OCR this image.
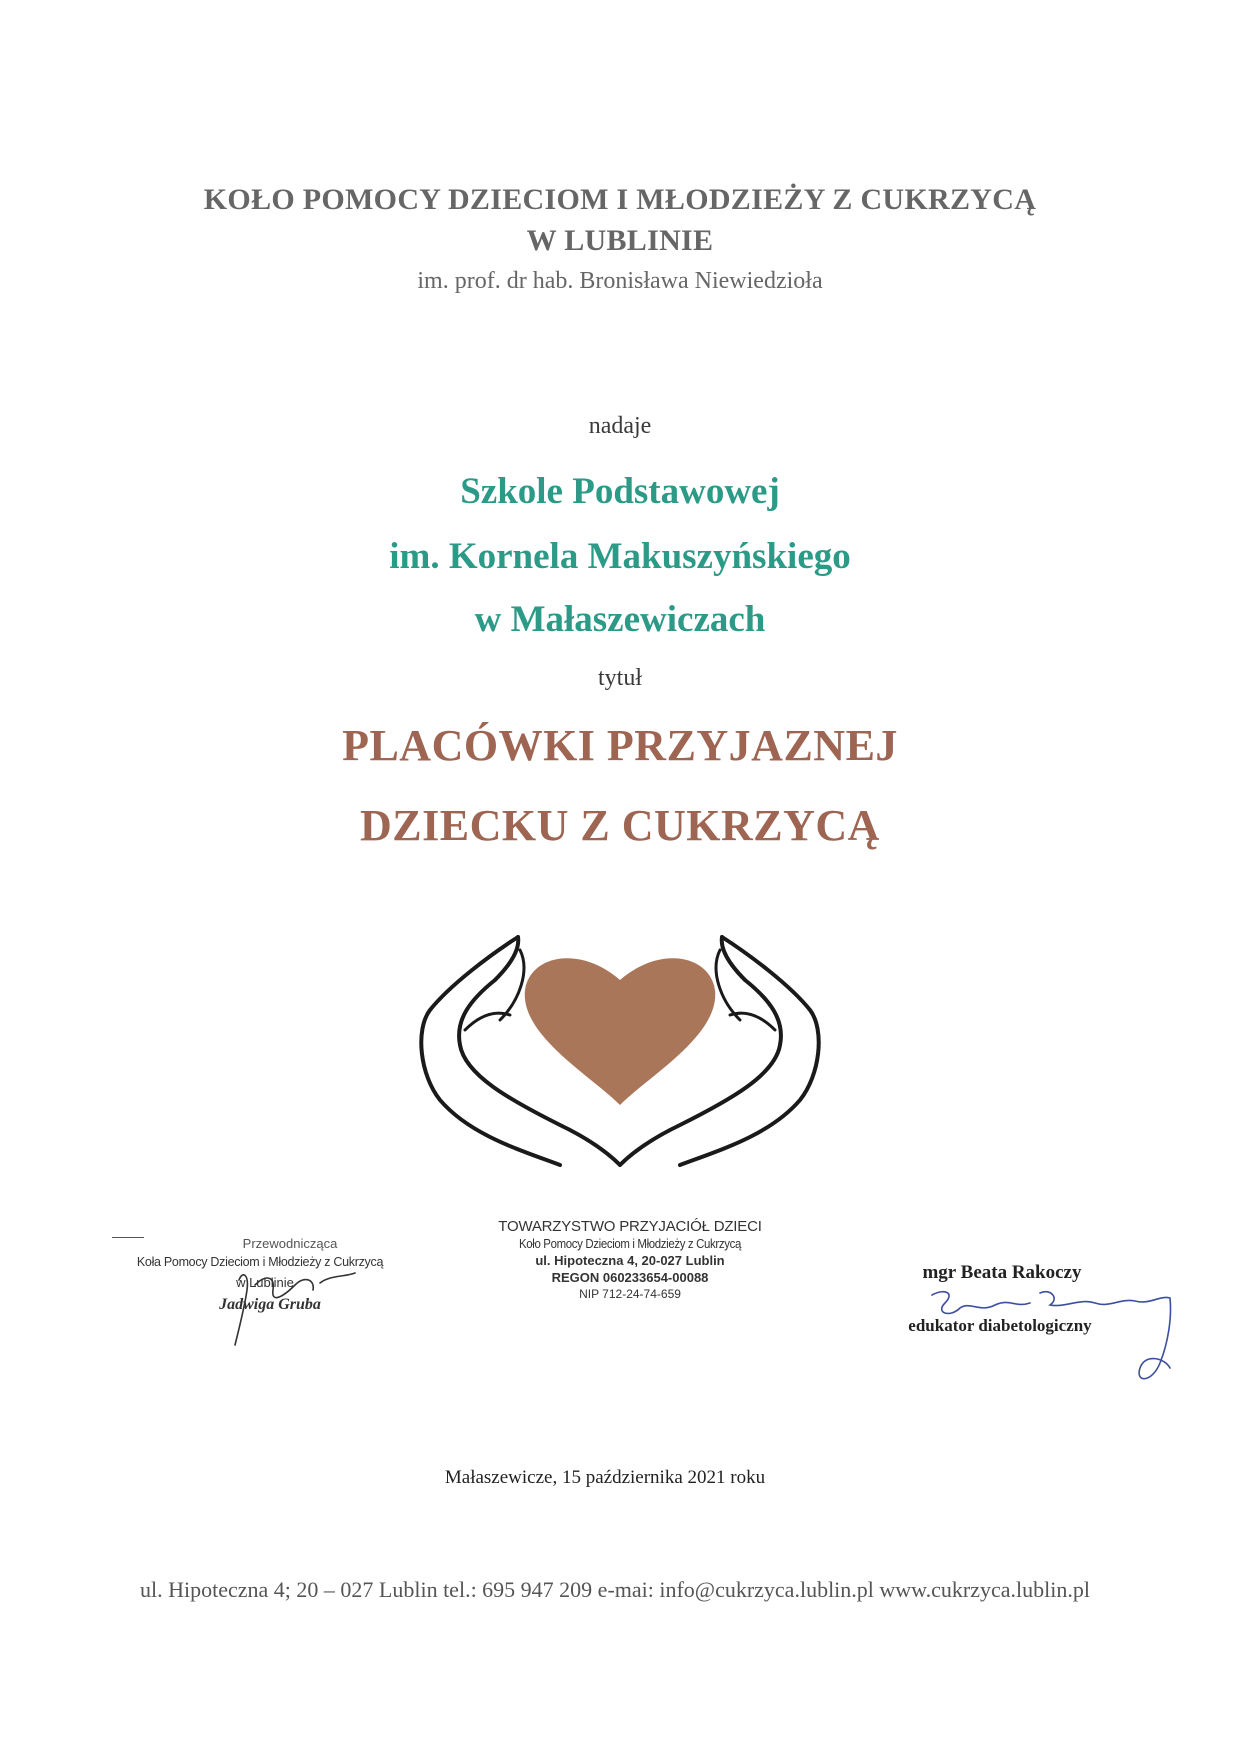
KOŁO POMOCY DZIECIOM I MŁODZIEŻY Z CUKRZYCĄ
W LUBLINIE
im. prof. dr hab. Bronisława Niewiedzioła
nadaje
Szkole Podstawowej
im. Kornela Makuszyńskiego
w Małaszewiczach
tytuł
PLACÓWKI PRZYJAZNEJ
DZIECKU Z CUKRZYCĄ
Przewodnicząca
Koła Pomocy Dzieciom i Młodzieży z Cukrzycą
w Lublinie
Jadwiga Gruba
TOWARZYSTWO PRZYJACIÓŁ DZIECI
Koło Pomocy Dzieciom i Młodzieży z Cukrzycą
ul. Hipoteczna 4, 20-027 Lublin
REGON 060233654-00088
NIP 712-24-74-659
mgr Beata Rakoczy
edukator diabetologiczny
Małaszewicze, 15 października 2021 roku
ul. Hipoteczna 4; 20 – 027 Lublin tel.: 695 947 209 e-mai: info@cukrzyca.lublin.pl www.cukrzyca.lublin.pl
